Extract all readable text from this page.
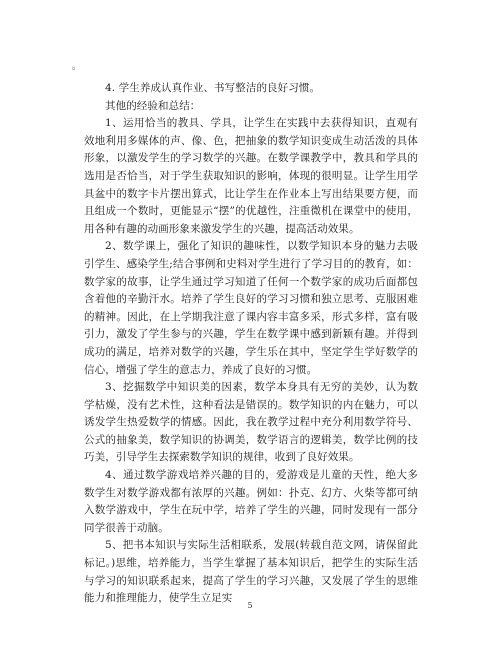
。

4. 学生养成认真作业、书写整洁的良好习惯。

其他的经验和总结：

1、运用恰当的教具、学具，让学生在实践中去获得知识，直观有效地利用多媒体的声、像、色，把抽象的数学知识变成生动活泼的具体形象，以激发学生的学习数学的兴趣。在数学课教学中，教具和学具的选用是否恰当，对于学生获取知识的影响，体现的很明显。让学生用学具盆中的数字卡片摆出算式，比让学生在作业本上写出结果要方便，而且组成一个数时，更能显示“摆”的优越性，注重微机在课堂中的使用，用各种有趣的动画形象来激发学生的兴趣，提高活动效果。

2、数学课上，强化了知识的趣味性，以数学知识本身的魅力去吸引学生、感染学生;结合事例和史料对学生进行了学习目的的教育，如：数学家的故事，让学生通过学习知道了任何一个数学家的成功后面都包含着他的辛勤汗水。培养了学生良好的学习习惯和独立思考、克服困难的精神。因此，在上学期我注意了课内容丰富多采，形式多样，富有吸引力，激发了学生参与的兴趣，学生在数学课中感到新颖有趣。并得到成功的满足，培养对数学的兴趣，学生乐在其中，坚定学生学好数学的信心，增强了学生的意志力，养成了良好的习惯。

3、挖掘数学中知识美的因素，数学本身具有无穷的美妙，认为数学枯燥，没有艺术性，这种看法是错误的。数学知识的内在魅力，可以诱发学生热爱数学的情感。因此，我在教学过程中充分利用数学符号、公式的抽象美，数学知识的协调美，数学语言的逻辑美，数学比例的技巧美，引导学生去探索数学知识的规律，收到了良好效果。

4、通过数学游戏培养兴趣的目的，爱游戏是儿童的天性，绝大多数学生对数学游戏都有浓厚的兴趣。例如：扑克、幻方、火柴等都可纳入数学游戏中，学生在玩中学，培养了学生的兴趣，同时发现有一部分同学很善于动脑。

5、把书本知识与实际生活相联系，发展(转载自范文网，请保留此标记。)思维，培养能力，当学生掌握了基本知识后，把学生的实际生活与学习的知识联系起来，提高了学生的学习兴趣，又发展了学生的思维能力和推理能力，使学生立足实

5
